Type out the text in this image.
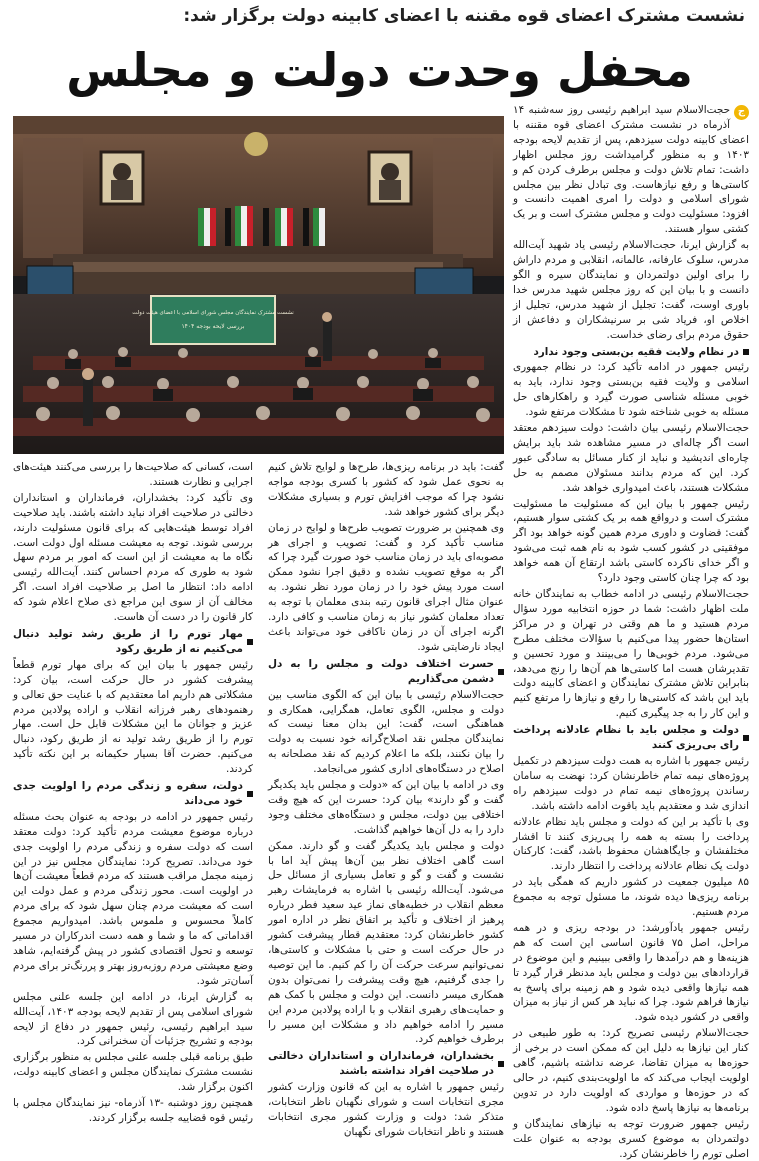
نشست مشترک اعضای قوه مقننه با اعضای کابینه دولت برگزار شد:
محفل وحدت دولت و مجلس
نشست مشترک نمایندگان مجلس شورای اسلامی با اعضای هیئت دولت
بررسی لایحه بودجه ۱۴۰۴
ج

حجت‌الاسلام سید ابراهیم رئیسی روز سه‌شنبه ۱۴ آذرماه در نشست مشترک اعضای قوه مقننه با اعضای کابینه دولت سیزدهم، پس از تقدیم لایحه بودجه ۱۴۰۳ و به منظور گرامیداشت روز مجلس اظهار داشت: تمام تلاش دولت و مجلس برطرف کردن کم و کاستی‌ها و رفع نیازهاست. وی تبادل نظر بین مجلس شورای اسلامی و دولت را امری اهمیت دانست و افزود: مسئولیت دولت و مجلس مشترک است و بر یک کشتی سوار هستند.

به گزارش ایرنا، حجت‌الاسلام رئیسی یاد شهید آیت‌الله مدرس، سلوک عارفانه، عالمانه، انقلابی و مردم داراش را برای اولین دولتمردان و نمایندگان سیره و الگو دانست و با بیان این که روز مجلس شهید مدرس خدا باوری اوست، گفت: تجلیل از شهید مدرس، تجلیل از اخلاص او، فریاد شی بر سرنیشکاران و دفاعش از حقوق مردم برای رضای خداست.

در نظام ولایت فقیه بن‌بستی وجود ندارد

رئیس جمهور در ادامه تأکید کرد: در نظام جمهوری اسلامی و ولایت فقیه بن‌بستی وجود ندارد، باید به خوبی مسئله شناسی صورت گیرد و راهکارهای حل مسئله به خوبی شناخته شود تا مشکلات مرتفع شود.

حجت‌الاسلام رئیسی بیان داشت: دولت سیزدهم معتقد است اگر چاله‌ای در مسیر مشاهده شد باید برایش چاره‌ای اندیشید و نباید از کنار مسائل به سادگی عبور کرد. این که مردم بدانند مسئولان مصمم به حل مشکلات هستند، باعث امیدواری خواهد شد.

رئیس جمهور با بیان این که مسئولیت ما مسئولیت مشترک است و درواقع همه بر یک کشتی سوار هستیم، گفت: قضاوت و داوری مردم همین گونه خواهد بود اگر موفقیتی در کشور کسب شود به نام همه ثبت می‌شود و اگر خدای ناکرده کاستی باشد ارتقاع آن همه خواهد بود که چرا چنان کاستی وجود دارد؟

حجت‌الاسلام رئیسی در ادامه خطاب به نمایندگان خانه ملت اظهار داشت: شما در حوزه انتخابیه مورد سؤال مردم هستید و ما هم وقتی در تهران و در مراکز استان‌ها حضور پیدا می‌کنیم با سؤالات مختلف مطرح می‌شود. مردم خوبی‌ها را می‌بینند و مورد تحسین و تقدیرشان هست اما کاستی‌ها هم آن‌ها را رنج می‌دهد، بنابراین تلاش مشترک نمایندگان و اعضای کابینه دولت باید این باشد که کاستی‌ها را رفع و نیازها را مرتفع کنیم و این کار را به جد پیگیری کنیم.

دولت و مجلس باید با نظام عادلانه پرداخت رای بی‌ریزی کنند

رئیس جمهور با اشاره به همت دولت سیزدهم در تکمیل پروژه‌های نیمه تمام خاطرنشان کرد: نهضت به سامان رساندن پروژه‌های نیمه تمام در دولت سیزدهم راه اندازی شد و معتقدیم باید باقوت ادامه داشته باشد.

وی با تأکید بر این که دولت و مجلس باید نظام عادلانه پرداخت را بسته به همه را پی‌ریزی کنند تا اقشار مختلفشان و جایگاهشان محفوظ باشد، گفت: کارکنان دولت یک نظام عادلانه پرداخت را انتظار دارند.

۸۵ میلیون جمعیت در کشور داریم که همگی باید در برنامه ریزی‌ها دیده شوند، ما مسئول توجه به مجموع مردم هستیم.

رئیس جمهور یادآورشد: در بودجه ریزی و در همه مراحل، اصل ۷۵ قانون اساسی این است که هم هزینه‌ها و هم درآمدها را واقعی ببینیم و این موضوع در قراردادهای بین دولت و مجلس باید مدنظر قرار گیرد تا همه نیازها واقعی دیده شود و هم زمینه برای پاسخ به نیازها فراهم شود. چرا که نباید هر کس از نیاز به میزان واقعی در کشور دیده شود.

حجت‌الاسلام رئیسی تصریح کرد: به طور طبیعی در کنار این نیازها به دلیل این که ممکن است در برخی از حوزه‌ها به میزان تقاضا، عرضه نداشته باشیم، گاهی اولویت ایجاب می‌کند که ما اولویت‌بندی کنیم، در حالی که در حوزه‌ها و مواردی که اولویت دارد در تدوین برنامه‌ها به نیازها پاسخ داده شود.

رئیس جمهور ضرورت توجه به نیازهای نمایندگان و دولتمردان به موضوع کسری بودجه به عنوان علت اصلی تورم را خاطرنشان کرد.

گفت: باید در برنامه ریزی‌ها، طرح‌ها و لوایح تلاش کنیم به نحوی عمل شود که کشور با کسری بودجه مواجه نشود چرا که موجب افزایش تورم و بسیاری مشکلات دیگر برای کشور خواهد شد.

وی همچنین بر ضرورت تصویب طرح‌ها و لوایح در زمان مناسب تأکید کرد و گفت: تصویب و اجرای هر مصوبه‌ای باید در زمان مناسب خود صورت گیرد چرا که اگر به موقع تصویب نشده و دقیق اجرا نشود ممکن است مورد پیش خود را در زمان مورد نظر نشود. به عنوان مثال اجرای قانون رتبه بندی معلمان با توجه به تعداد معلمان کشور نیاز به زمان مناسب و کافی دارد. اگرنه اجرای آن در زمان ناکافی خود می‌تواند باعث ایجاد نارضایتی شود.

حسرت اختلاف دولت و مجلس را به دل دشمن می‌گذاریم

حجت‌الاسلام رئیسی با بیان این که الگوی مناسب بین دولت و مجلس، الگوی تعامل، همگرایی، همکاری و هماهنگی است، گفت: این بدان معنا نیست که نمایندگان مجلس نقد اصلاح‌گرانه خود نسبت به دولت را بیان نکنند، بلکه ما اعلام کردیم که نقد مصلحانه به اصلاح در دستگاه‌های اداری کشور می‌انجامد.

وی در ادامه با بیان این که «دولت و مجلس باید یکدیگر گفت و گو دارند» بیان کرد: حسرت این که هیچ وقت اختلافی بین دولت، مجلس و دستگاه‌های مختلف وجود دارد را به دل آن‌ها خواهیم گذاشت.

دولت و مجلس باید یکدیگر گفت و گو دارند. ممکن است گاهی اختلاف نظر بین آن‌ها پیش آید اما با نشست و گفت و گو و تعامل بسیاری از مسائل حل می‌شود. آیت‌الله رئیسی با اشاره به فرمایشات رهبر معظم انقلاب در خطبه‌های نماز عید سعید فطر درباره پرهیز از اختلاف و تأکید بر اتفاق نظر در اداره امور کشور خاطرنشان کرد: معتقدیم قطار پیشرفت کشور در حال حرکت است و حتی با مشکلات و کاستی‌ها، نمی‌توانیم سرعت حرکت آن را کم کنیم. ما این توصیه را جدی گرفتیم، هیچ وقت پیشرفت را نمی‌توان بدون همکاری میسر دانست. این دولت و مجلس با کمک هم و حمایت‌های رهبری انقلاب و با اراده پولادین مردم این مسیر را ادامه خواهیم داد و مشکلات این مسیر را برطرف خواهیم کرد.

بخشداران، فرمانداران و استانداران دخالتی در صلاحیت افراد نداشته باشند

رئیس جمهور با اشاره به این که قانون وزارت کشور مجری انتخابات است و شورای نگهبان ناظر انتخابات، متذکر شد: دولت و وزارت کشور مجری انتخابات هستند و ناظر انتخابات شورای نگهبان

است، کسانی که صلاحیت‌ها را بررسی می‌کنند هیئت‌های اجرایی و نظارت هستند.

وی تأکید کرد: بخشداران، فرمانداران و استانداران دخالتی در صلاحیت افراد نباید داشته باشند. باید صلاحیت افراد توسط هیئت‌هایی که برای قانون مسئولیت دارند، بررسی شوند. توجه به معیشت مسئله اول دولت است. نگاه ما به معیشت از این است که امور بر مردم سهل شود به طوری که مردم احساس کنند. آیت‌الله رئیسی ادامه داد: انتظار ما اصل بر صلاحیت افراد است. اگر مخالف آن از سوی این مراجع ذی صلاح اعلام شود که کار قانون را در دست آن هاست.

مهار تورم را از طریق رشد تولید دنبال می‌کنیم نه از طریق رکود

رئیس جمهور با بیان این که برای مهار تورم قطعاً پیشرفت کشور در حال حرکت است، بیان کرد: مشکلاتی هم داریم اما معتقدیم که با عنایت حق تعالی و رهنمودهای رهبر فرزانه انقلاب و اراده پولادین مردم عزیز و جوانان ما این مشکلات قابل حل است. مهار تورم را از طریق رشد تولید نه از طریق رکود، دنبال می‌کنیم. حضرت آقا بسیار حکیمانه بر این نکته تأکید کردند.

دولت، سفره و زندگی مردم را اولویت جدی خود می‌داند

رئیس جمهور در ادامه در بودجه به عنوان بحث مسئله درباره موضوع معیشت مردم تأکید کرد: دولت معتقد است که دولت سفره و زندگی مردم را اولویت جدی خود می‌داند. تصریح کرد: نمایندگان مجلس نیز در این زمینه مجمل مراقب هستند که مردم قطعاً معیشت آن‌ها در اولویت است. محور زندگی مردم و عمل دولت این است که معیشت مردم چنان سهل شود که برای مردم کاملاً محسوس و ملموس باشد. امیدواریم مجموع اقداماتی که ما و شما و همه دست اندرکاران در مسیر توسعه و تحول اقتصادی کشور در پیش گرفته‌ایم، شاهد وضع معیشتی مردم روزبه‌روز بهتر و پررنگ‌تر برای مردم آسان‌تر شود.

به گزارش ایرنا، در ادامه این جلسه علنی مجلس شورای اسلامی پس از تقدیم لایحه بودجه ۱۴۰۳، آیت‌الله سید ابراهیم رئیسی، رئیس جمهور در دفاع از لایحه بودجه و تشریح جزئیات آن سخنرانی کرد.

طبق برنامه قبلی جلسه علنی مجلس به منظور برگزاری نشست مشترک نمایندگان مجلس و اعضای کابینه دولت، اکنون برگزار شد.

همچنین روز دوشنبه -۱۳ آذرماه- نیز نمایندگان مجلس با رئیس قوه قضاییه جلسه برگزار کردند.
